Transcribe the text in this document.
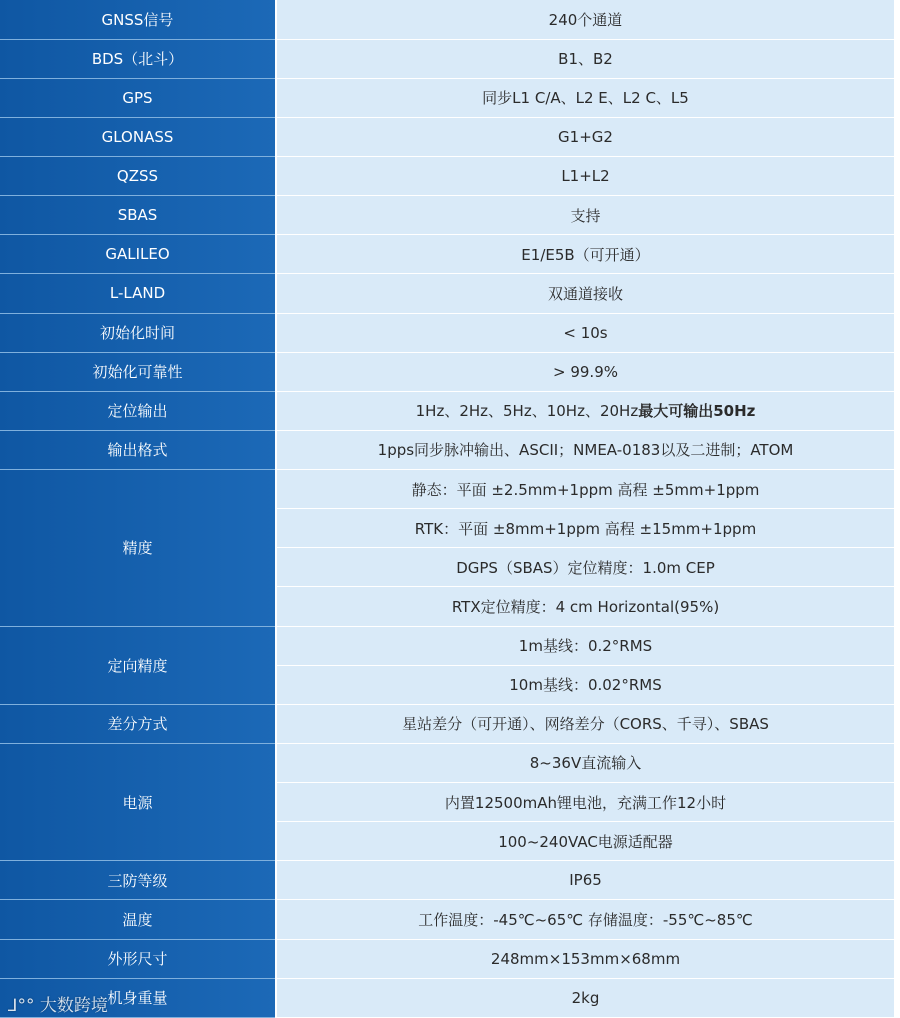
GNSS信号		240个通道	
BDS（北斗）		B1、B2	
GPS		同步L1 C/A、L2 E、L2 C、L5	
GLONASS		G1+G2	
QZSS		L1+L2	
SBAS		支持	
GALILEO		E1/E5B（可开通）	
L-LAND		双通道接收	
初始化时间		< 10s	
初始化可靠性		> 99.9%	
定位输出		1Hz、2Hz、5Hz、10Hz、20Hz最大可输出50Hz	
输出格式		1pps同步脉冲输出、ASCII；NMEA-0183以及二进制；ATOM	
精度		静态：平面 ±2.5mm+1ppm 高程 ±5mm+1ppm	
		RTK：平面 ±8mm+1ppm 高程 ±15mm+1ppm	
		DGPS（SBAS）定位精度：1.0m CEP	
		RTX定位精度：4 cm Horizontal(95%)	
定向精度		1m基线：0.2°RMS	
		10m基线：0.02°RMS	
差分方式		星站差分（可开通）、网络差分（CORS、千寻）、SBAS	
电源		8~36V直流输入	
		内置12500mAh锂电池，充满工作12小时	
		100~240VAC电源适配器	
三防等级		IP65	
温度		工作温度：-45℃~65℃ 存储温度：-55℃~85℃	
外形尺寸		248mm×153mm×68mm	
机身重量		2kg	
⅃°° 大数跨境
